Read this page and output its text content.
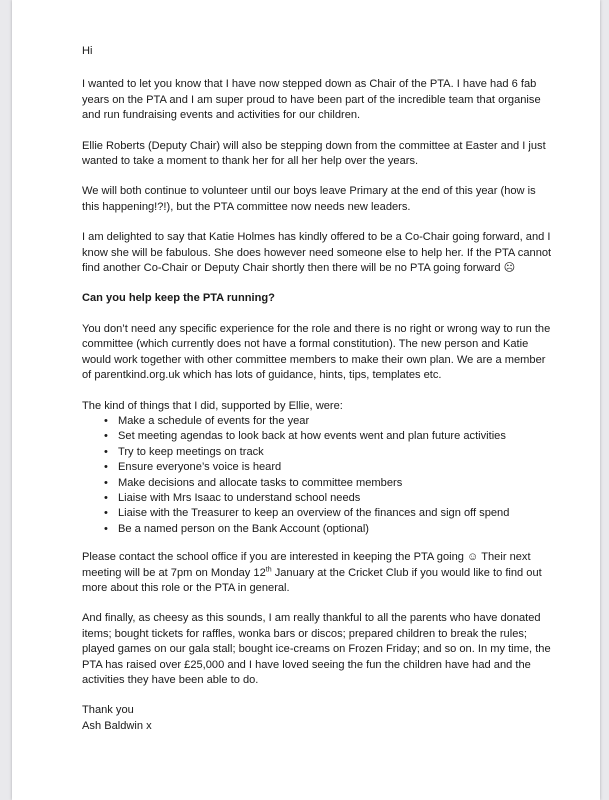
Hi

I wanted to let you know that I have now stepped down as Chair of the PTA. I have had 6 fab years on the PTA and I am super proud to have been part of the incredible team that organise and run fundraising events and activities for our children.

Ellie Roberts (Deputy Chair) will also be stepping down from the committee at Easter and I just wanted to take a moment to thank her for all her help over the years.

We will both continue to volunteer until our boys leave Primary at the end of this year (how is this happening!?!), but the PTA committee now needs new leaders.

I am delighted to say that Katie Holmes has kindly offered to be a Co-Chair going forward, and I know she will be fabulous. She does however need someone else to help her. If the PTA cannot find another Co-Chair or Deputy Chair shortly then there will be no PTA going forward ☹

Can you help keep the PTA running?

You don’t need any specific experience for the role and there is no right or wrong way to run the committee (which currently does not have a formal constitution). The new person and Katie would work together with other committee members to make their own plan. We are a member of parentkind.org.uk which has lots of guidance, hints, tips, templates etc.

The kind of things that I did, supported by Ellie, were:

• Make a schedule of events for the year
• Set meeting agendas to look back at how events went and plan future activities
• Try to keep meetings on track
• Ensure everyone’s voice is heard
• Make decisions and allocate tasks to committee members
• Liaise with Mrs Isaac to understand school needs
• Liaise with the Treasurer to keep an overview of the finances and sign off spend
• Be a named person on the Bank Account (optional)

Please contact the school office if you are interested in keeping the PTA going ☺ Their next meeting will be at 7pm on Monday 12th January at the Cricket Club if you would like to find out more about this role or the PTA in general.

And finally, as cheesy as this sounds, I am really thankful to all the parents who have donated items; bought tickets for raffles, wonka bars or discos; prepared children to break the rules; played games on our gala stall; bought ice-creams on Frozen Friday; and so on. In my time, the PTA has raised over £25,000 and I have loved seeing the fun the children have had and the activities they have been able to do.

Thank you

Ash Baldwin x
